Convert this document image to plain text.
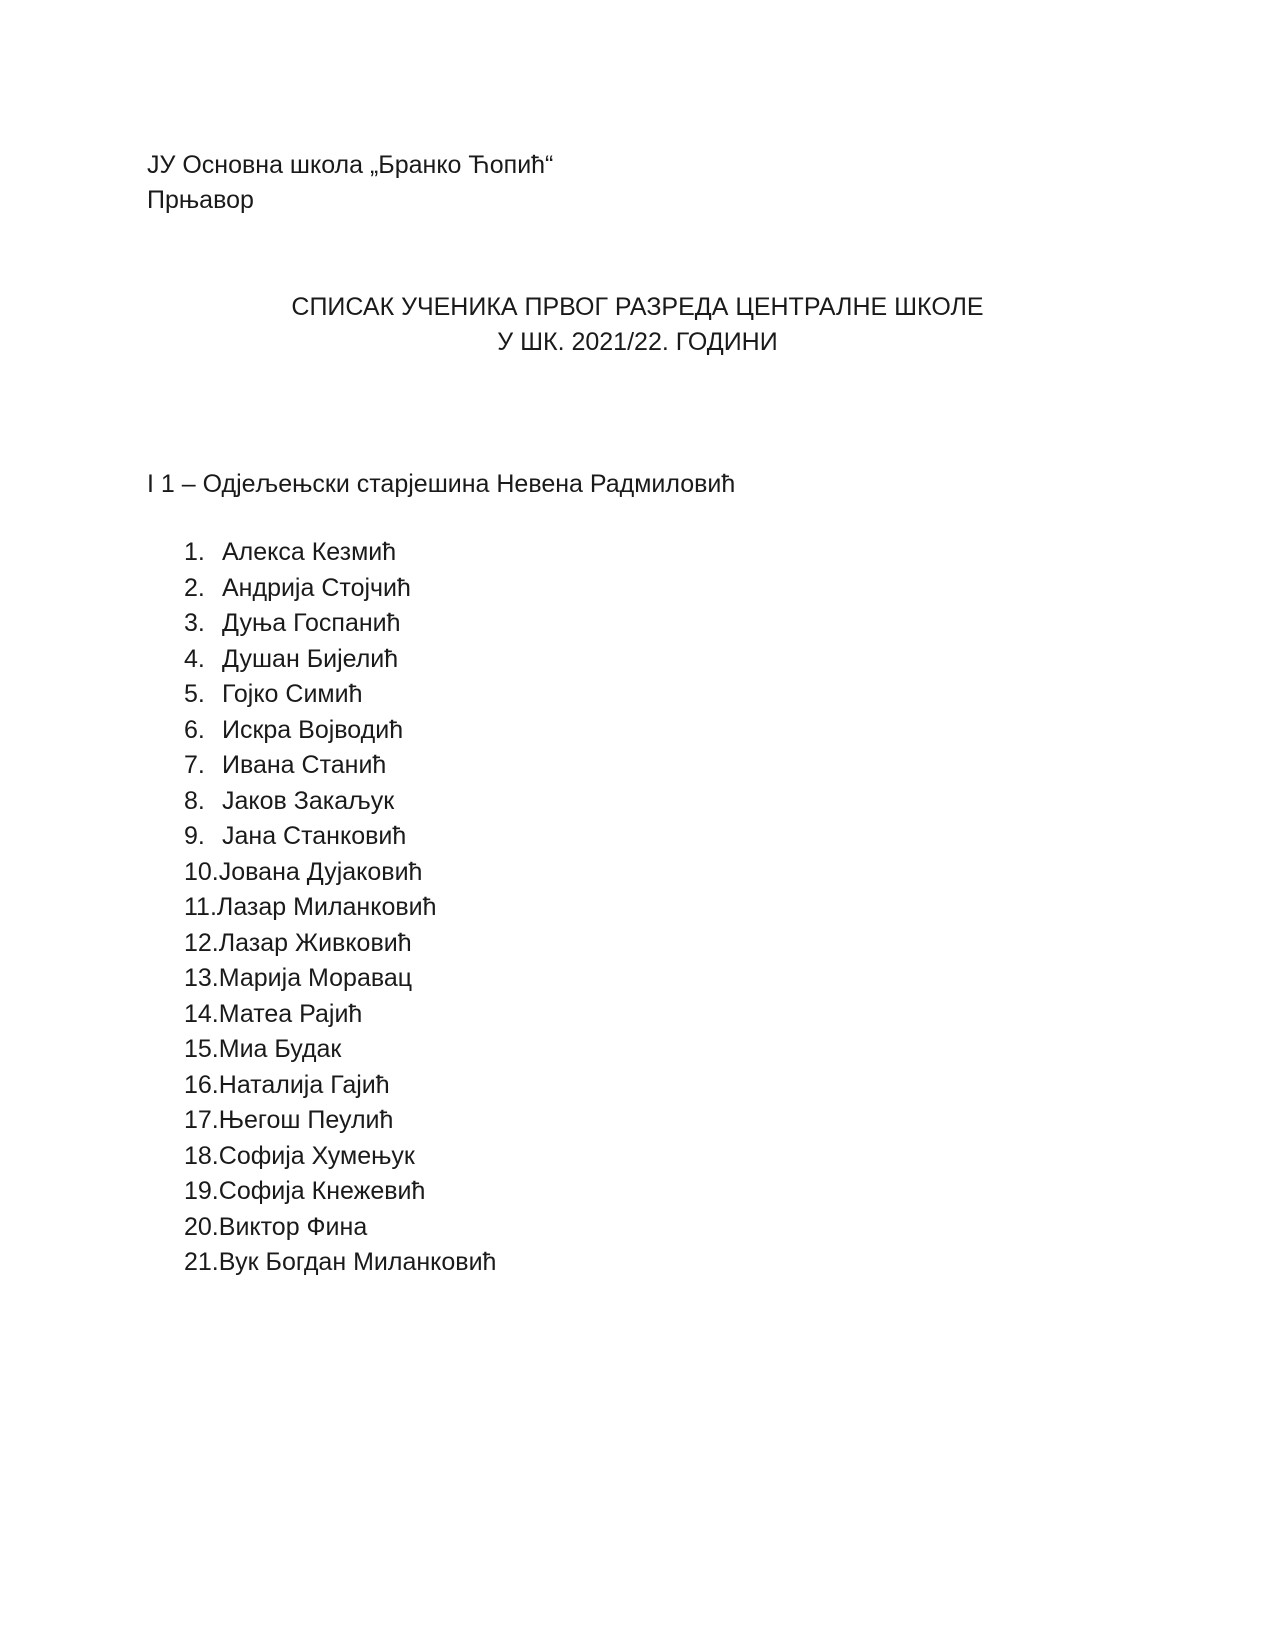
ЈУ Основна школа „Бранко Ћопић“
Прњавор
СПИСАК УЧЕНИКА ПРВОГ РАЗРЕДА ЦЕНТРАЛНЕ ШКОЛЕ
У ШК. 2021/22. ГОДИНИ
I 1 – Одјељењски старјешина Невена Радмиловић
1. Алекса Кезмић
2. Андрија Стојчић
3. Дуња Госпанић
4. Душан Бијелић
5. Гојко Симић
6. Искра Војводић
7. Ивана Станић
8. Јаков Закаљук
9. Јана Станковић
10.Јована Дујаковић
11.Лазар Миланковић
12.Лазар Живковић
13.Марија Моравац
14.Матеа Рајић
15.Миа Будак
16.Наталија Гајић
17.Његош Пеулић
18.Софија Хумењук
19.Софија Кнежевић
20.Виктор Фина
21.Вук Богдан Миланковић
